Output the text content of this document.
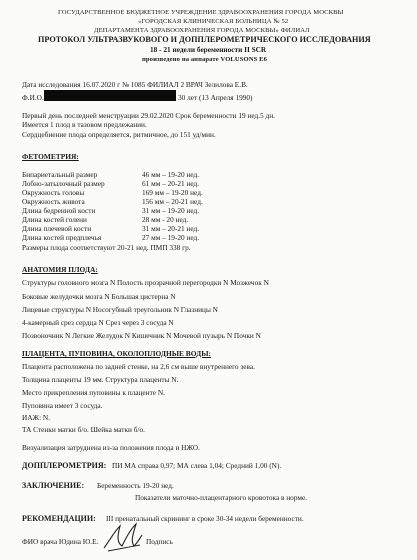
ГОСУДАРСТВЕННОЕ БЮДЖЕТНОЕ УЧРЕЖДЕНИЕ ЗДРАВООХРАНЕНИЯ ГОРОДА МОСКВЫ
«ГОРОДСКАЯ КЛИНИЧЕСКАЯ БОЛЬНИЦА № 52
ДЕПАРТАМЕНТА ЗДРАВООХРАНЕНИЯ ГОРОДА МОСКВЫ» ФИЛИАЛ
ПРОТОКОЛ УЛЬТРАЗВУКОВОГО И ДОППЛЕРОМЕТРИЧЕСКОГО ИССЛЕДОВАНИЯ
18 - 21 недели беременности II SCR
произведено на аппарате VOLUSONS E6
Дата исследования 16.07.2020 г № 1085 ФИЛИАЛ 2 ВРАЧ Зелилова Е.В.
Ф.И.О.	30 лет (13 Апреля 1990)
Первый день последней менструации 29.02.2020 Срок беременности 19 нед.5 дн.
Имеется 1 плод в тазовом предлежании.
Сердцебиение плода определяется, ритмичное, до 151 уд/мин.
ФЕТОМЕТРИЯ:
Бипариетальный размер	46 мм – 19-20 нед.
Лобно-затылочный размер	61 мм – 20-21 нед.
Окружность головы	169 мм – 19-20 нед.
Окружность живота	156 мм – 20-21 нед.
Длина бедренной кости	31 мм – 19-20 нед.
Длина костей голени	28 мм - 20 нед.
Длина плечевой кости	31 мм – 20-21 нед.
Длина костей предплечья	27 мм – 19-20 нед.
Размеры плода соответствуют 20-21 нед. ПМП 338 гр.
АНАТОМИЯ ПЛОДА:
Структуры головного мозга N Полость прозрачной перегородки N Мозжечок N
Боковые желудочки мозга N Большая цистерна N
Лицевые структуры N Носогубный треугольник N Глазницы N
4-камерный срез сердца N Срез через 3 сосуда N
Позвоночник N Легкие Желудок N Кишечник N Мочевой пузырь N Почки N
ПЛАЦЕНТА, ПУПОВИНА, ОКОЛОПЛОДНЫЕ ВОДЫ:
Плацента расположена по задней стенке, на 2,6 см выше внутреннего зева.
Толщина плаценты 19 мм. Структура плаценты N.
Место прикрепления пуповины к плаценте N.
Пуповина имеет 3 сосуда.
ИАЖ: N.
ТА Стенки матки б/о. Шейка матки б/о.
Визуализация затруднена из-за положения плода и НЖО.
ДОППЛЕРОМЕТРИЯ: ПИ МА справа 0,97; МА слева 1,04; Средний 1,00 (N).
ЗАКЛЮЧЕНИЕ: Беременность 19-20 нед.
Показатели маточно-плацентарного кровотока в норме.
РЕКОМЕНДАЦИИ: III пренатальный скрининг в сроке 30-34 недели беременности.
ФИО врача Юдина Ю.Е.	Подпись
